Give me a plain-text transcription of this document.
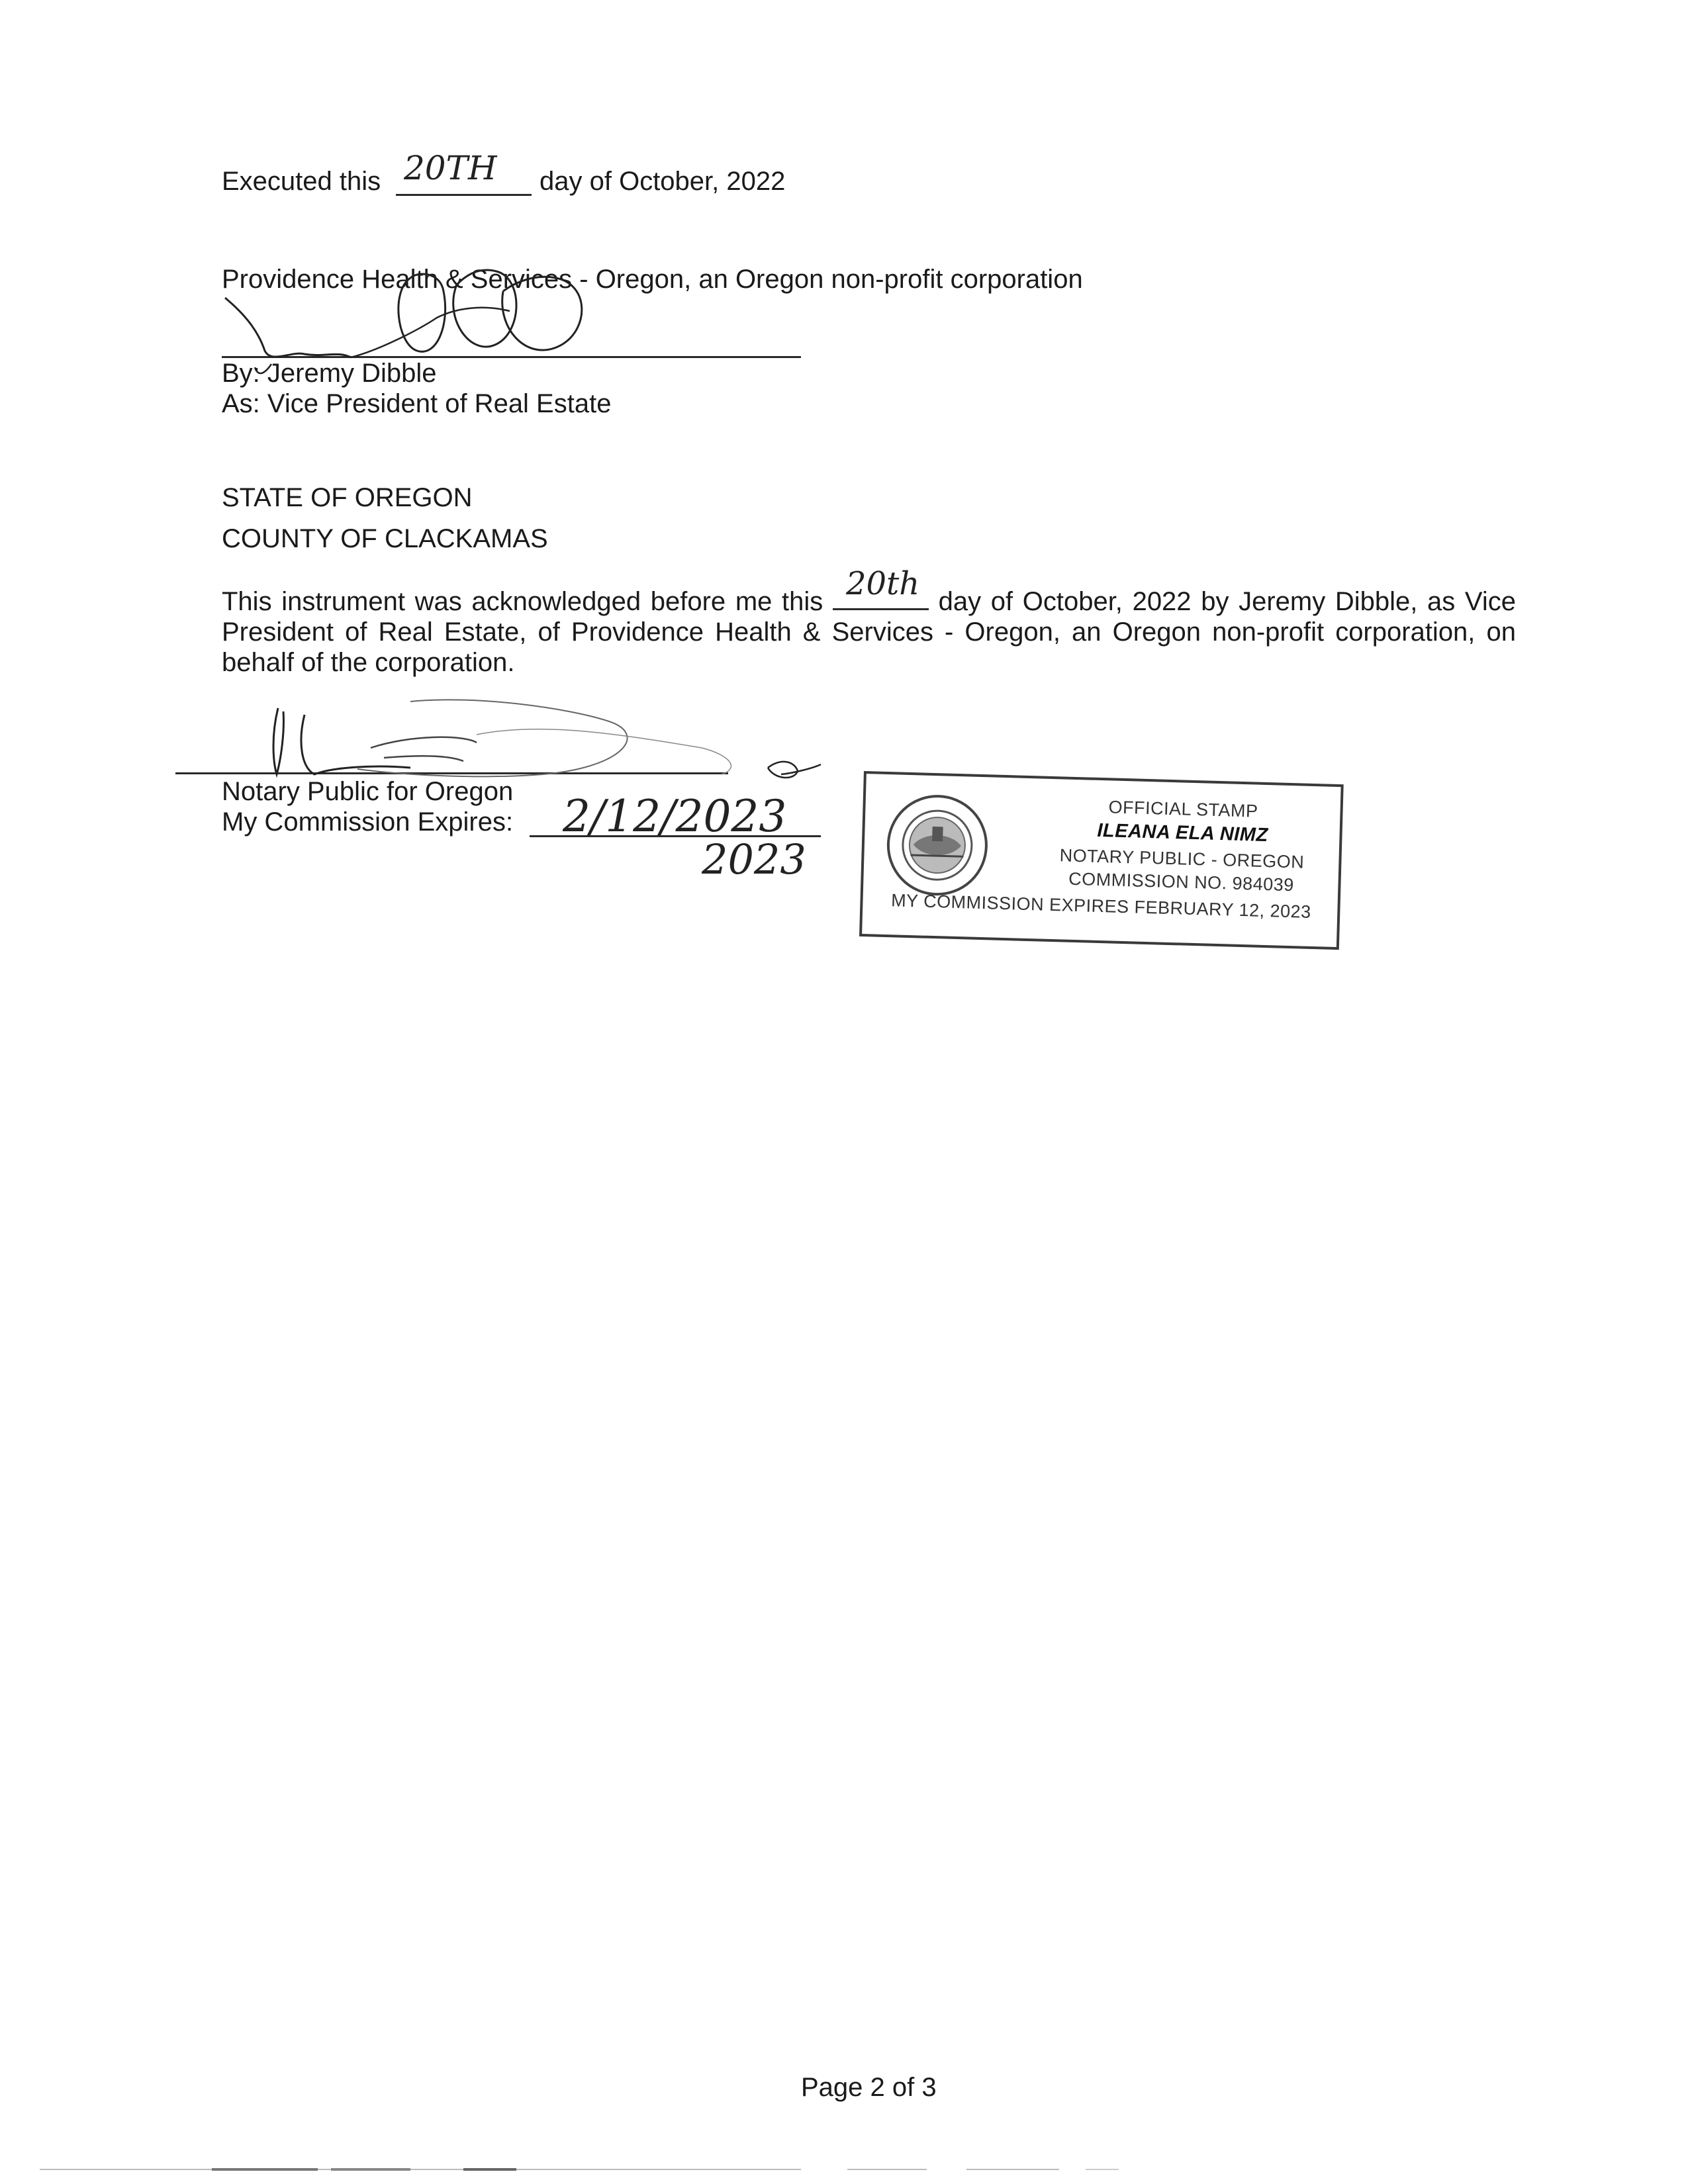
Executed this 20TH day of October, 2022
Providence Health & Services - Oregon, an Oregon non-profit corporation
By: Jeremy Dibble
As: Vice President of Real Estate
STATE OF OREGON
COUNTY OF CLACKAMAS
This instrument was acknowledged before me this 20th day of October, 2022 by Jeremy Dibble, as Vice President of Real Estate, of Providence Health & Services - Oregon, an Oregon non-profit corporation, on behalf of the corporation.
Notary Public for Oregon
My Commission Expires: 2/12/2023
2023
OFFICIAL STAMP
ILEANA ELA NIMZ
NOTARY PUBLIC - OREGON
COMMISSION NO. 984039
MY COMMISSION EXPIRES FEBRUARY 12, 2023
Page 2 of 3
